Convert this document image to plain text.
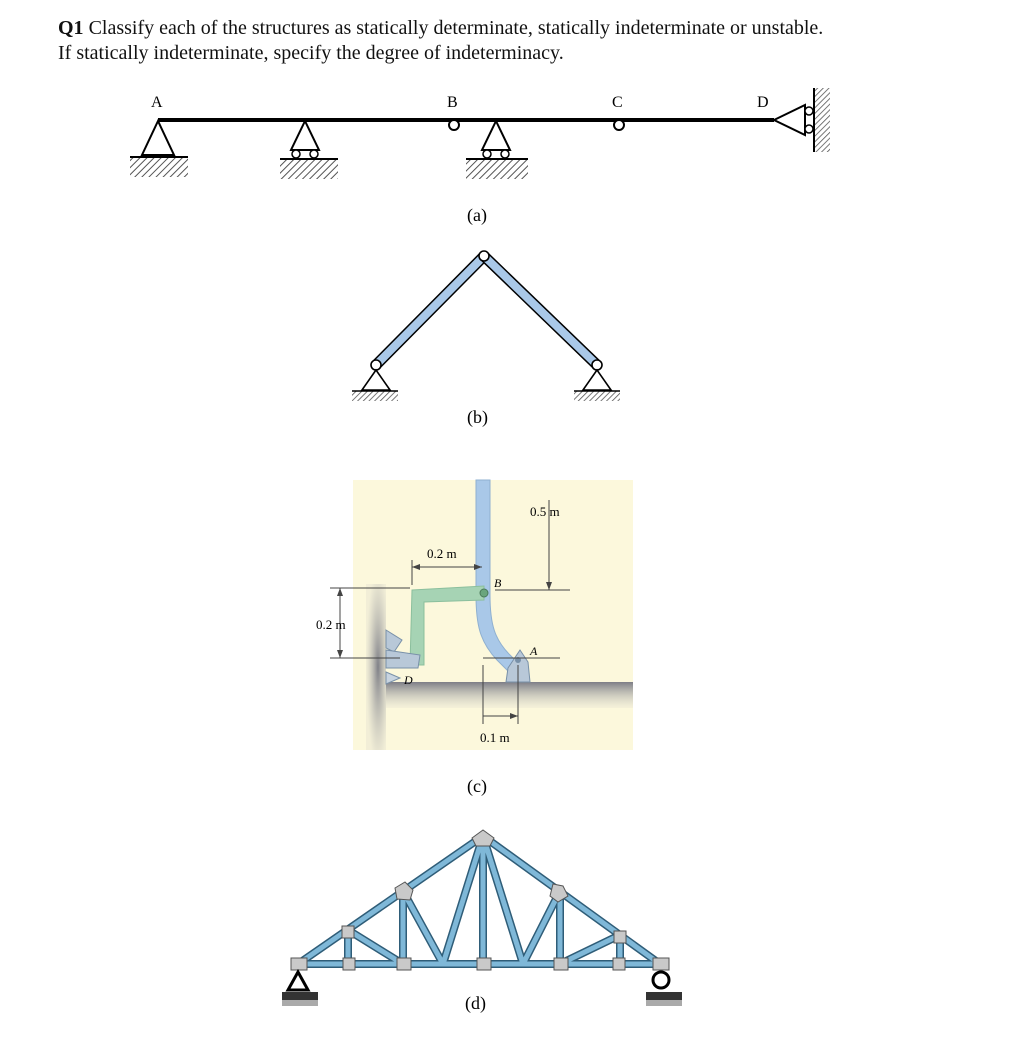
Q1 Classify each of the structures as statically determinate, statically indeterminate or unstable.
If statically indeterminate, specify the degree of indeterminacy.
A	B	C	D
(a)
(b)
0.5 m
0.2 m
0.2 m
0.1 m
B
A
D
(c)
(d)
